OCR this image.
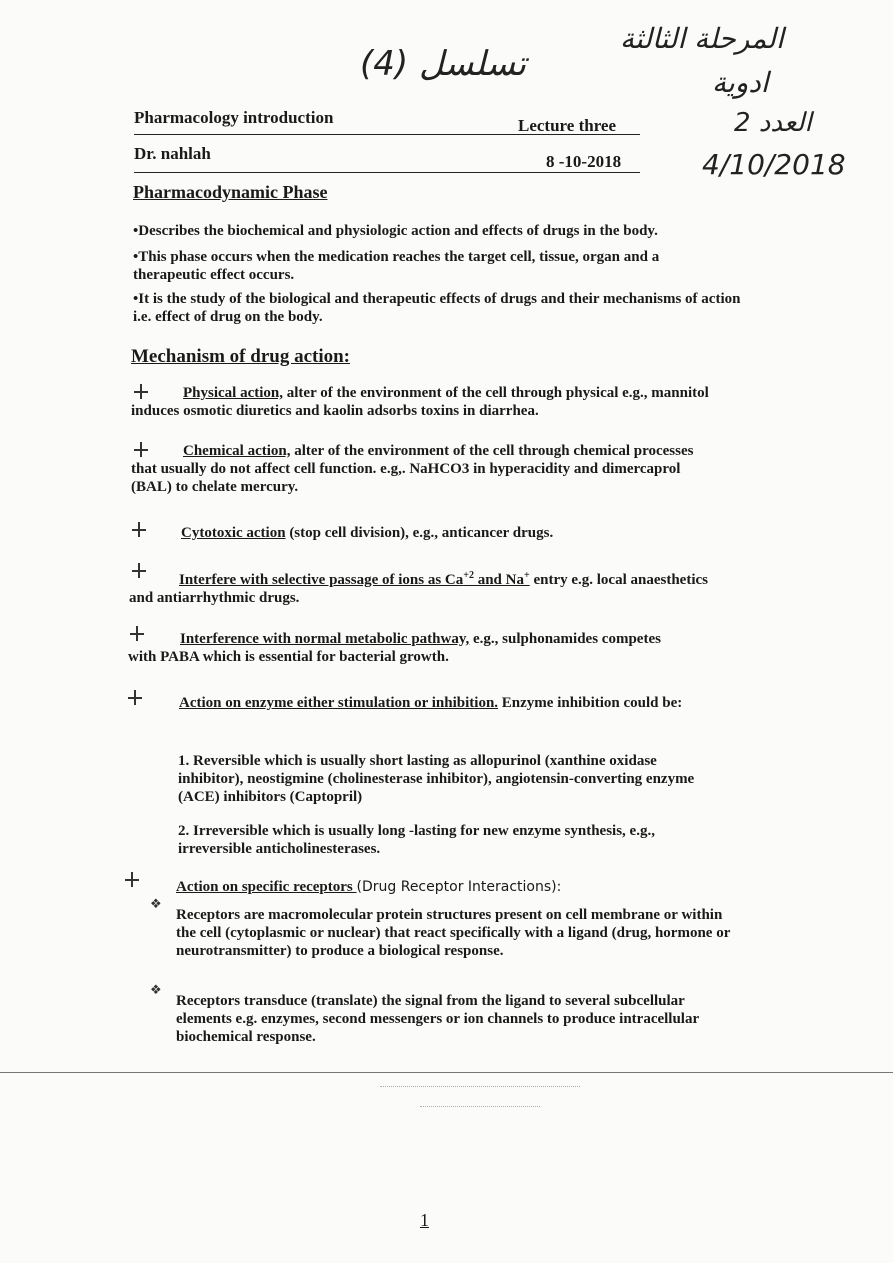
تسلسل (4)
المرحلة الثالثة
ادوية
العدد 2
4/10/2018
Pharmacology introduction	Lecture three
Dr. nahlah	8 -10-2018
Pharmacodynamic Phase
•Describes the biochemical and physiologic action and effects of drugs in the body.
•This phase occurs when the medication reaches the target cell, tissue, organ and a therapeutic effect occurs.
•It is the study of the biological and therapeutic effects of drugs and their mechanisms of action i.e. effect of drug on the body.
Mechanism of drug action:
Physical action, alter of the environment of the cell through physical e.g., mannitol induces osmotic diuretics and kaolin adsorbs toxins in diarrhea.
Chemical action, alter of the environment of the cell through chemical processes that usually do not affect cell function. e.g,. NaHCO3 in hyperacidity and dimercaprol (BAL) to chelate mercury.
Cytotoxic action (stop cell division), e.g., anticancer drugs.
Interfere with selective passage of ions as $Ca^{+2}$ and Na+ entry e.g. local anaesthetics and antiarrhythmic drugs.
Interference with normal metabolic pathway, e.g., sulphonamides competes with PABA which is essential for bacterial growth.
Action on enzyme either stimulation or inhibition. Enzyme inhibition could be:
1. Reversible which is usually short lasting as allopurinol (xanthine oxidase inhibitor), neostigmine (cholinesterase inhibitor), angiotensin-converting enzyme (ACE) inhibitors (Captopril)
2. Irreversible which is usually long -lasting for new enzyme synthesis, e.g., irreversible anticholinesterases.
Action on specific receptors (Drug Receptor Interactions):
❖
Receptors are macromolecular protein structures present on cell membrane or within the cell (cytoplasmic or nuclear) that react specifically with a ligand (drug, hormone or neurotransmitter) to produce a biological response.
❖
Receptors transduce (translate) the signal from the ligand to several subcellular elements e.g. enzymes, second messengers or ion channels to produce intracellular biochemical response.
1
